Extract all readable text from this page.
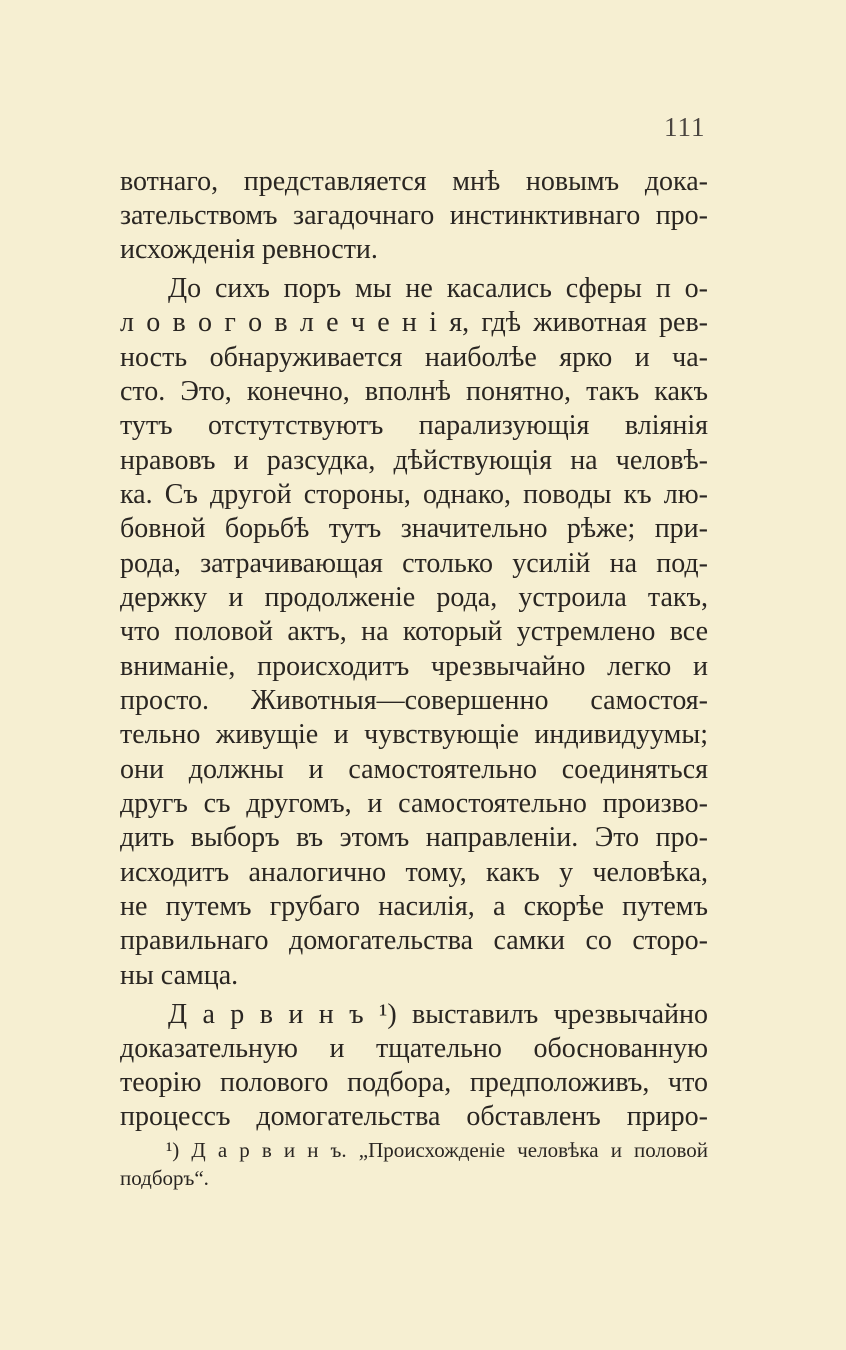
111
вотнаго, представляется мнѣ новымъ дока-
зательствомъ загадочнаго инстинктивнаго про-
исхожденія ревности.
До сихъ поръ мы не касались сферы п о-
л о в о г о в л е ч е н і я, гдѣ животная рев-
ность обнаруживается наиболѣе ярко и ча-
сто. Это, конечно, вполнѣ понятно, такъ какъ
тутъ отстутствуютъ парализующія вліянія
нравовъ и разсудка, дѣйствующія на человѣ-
ка. Съ другой стороны, однако, поводы къ лю-
бовной борьбѣ тутъ значительно рѣже; при-
рода, затрачивающая столько усилій на под-
держку и продолженіе рода, устроила такъ,
что половой актъ, на который устремлено все
вниманіе, происходитъ чрезвычайно легко и
просто. Животныя—совершенно самостоя-
тельно живущіе и чувствующіе индивидуумы;
они должны и самостоятельно соединяться
другъ съ другомъ, и самостоятельно произво-
дить выборъ въ этомъ направленіи. Это про-
исходитъ аналогично тому, какъ у человѣка,
не путемъ грубаго насилія, а скорѣе путемъ
правильнаго домогательства самки со сторо-
ны самца.
Д а р в и н ъ ¹) выставилъ чрезвычайно
доказательную и тщательно обоснованную
теорію полового подбора, предположивъ, что
процессъ домогательства обставленъ приро-
¹) Д а р в и н ъ. „Происхожденіе человѣка и половой
подборъ“.
